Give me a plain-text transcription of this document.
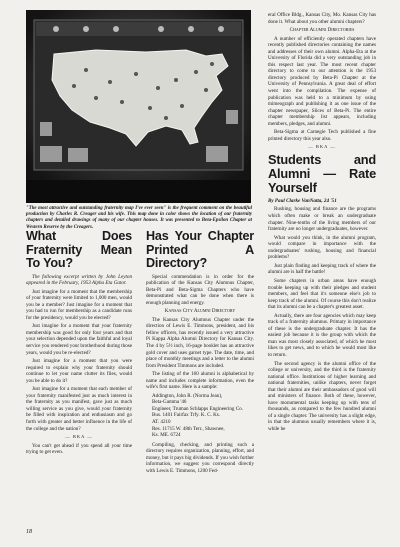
"The most attractive and outstanding fraternity map I've ever seen" is the frequent comment on the beautiful production by Charles R. Creager and his wife. This map done in color shows the location of our fraternity chapters and detailed drawings of many of our chapter houses. It was presented to Beta-Epsilon Chapter at Western Reserve by the Creagers.

What Does Fraternity Mean To You?

The following excerpt written by John Leyton appeared in the February, 1953 Alpha Eta Gator.

Just imagine for a moment that the membership of your fraternity were limited to 1,000 men, would you be a member? Just imagine for a moment that you had to run for membership as a candidate runs for the presidency, would you be elected?

Just imagine for a moment that your fraternity membership was good for only four years and that your selection depended upon the faithful and loyal service you rendered your brotherhood during those years, would you be re-elected?

Just imagine for a moment that you were required to explain why your fraternity should continue to let your name clutter its files, would you be able to do it?

Just imagine for a moment that each member of your fraternity manifested just as much interest in the fraternity as you manifest, gave just as much willing service as you give, would your fraternity be filled with inspiration and enthusiasm and go forth with greater and better influence in the life of the college and the nation?

— BKA —

You can't get ahead if you spend all your time trying to get even.

Has Your Chapter Printed A Directory?

Special commendation is in order for the publication of the Kansas City Alumnus Chapter, Beta-Pi and Beta-Sigma Chapters who have demonstrated what can be done when there is enough planning and energy.

Kansas City Alumni Directory

The Kansas City Alumnus Chapter under the direction of Lewis E. Timmons, president, and his fellow officers, has recently issued a very attractive Pi Kappa Alpha Alumni Directory for Kansas City. The 4 by 5½ inch, 16-page booklet has an attractive gold cover and uses garnet type. The date, time, and place of monthly meetings and a letter to the alumni from President Timmons are included.

The listing of the 160 alumni is alphabetical by name and includes complete information, even the wife's first name. Here is a sample:

Addington, John R. (Norma Jean),
Beta-Gamma '46
Engineer, Truman Schlapps Engineering Co.
Bus. 1401 Fairfax Trfy. K. C. Ks.
AT. 4210
Res. 11715 W. 48th Terr., Shawnee,
Ks. ME. 6724

Compiling, checking, and printing such a directory requires organization, planning, effort, and money, but it pays big dividends. If you wish further information, we suggest you correspond directly with Lewis E. Timmons, 1200 Fed-

eral Office Bldg., Kansas City, Mo. Kansas City has done it. What about you other alumni chapters?

Chapter Alumni Directories

A number of efficiently operated chapters have recently published directories containing the names and addresses of their own alumni. Alpha-Eta at the University of Florida did a very outstanding job in this respect last year. The most recent chapter directory to come to our attention is the 1953 directory produced by Beta-Pi Chapter at the University of Pennsylvania. A great deal of effort went into the compilation. The expense of publication was held to a minimum by using mimeograph and publishing it as one issue of the chapter newspaper, Slices of Beta-Pi. The entire chapter membership list appears, including members, pledges, and alumni.

Beta-Sigma at Carnegie Tech published a fine printed directory this year also.

— BKA —

Students and Alumni — Rate Yourself

By Paul Clarke VanNatta, 24 '51

Rushing, housing and finance are the programs which often make or break an undergraduate chapter. Nine-tenths of the living members of our fraternity are no longer undergraduates, however.

What would you think, in the alumni program, would compare in importance with the undergraduates' rushing, housing and financial problems?

Just plain finding and keeping track of where the alumni are is half the battle!

Some chapters in urban areas have enough trouble keeping up with their pledges and student members, and feel that it's someone else's job to keep track of the alumni. Of course this don't realize that its alumni can be a chapter's greatest asset.

Actually, there are four agencies which may keep track of a fraternity alumnus. Primary in importance of these is the undergraduate chapter. It has the easiest job because it is the group with which the man was most closely associated, of which he most likes to get news, and to which he would most like to return.

The second agency is the alumni office of the college or university, and the third is the fraternity national office. Institutions of higher learning and national fraternities, unlike chapters, never forget that their alumni are their ambassadors of good will and ministers of finance. Both of these, however, have monumental tasks keeping up with tens of thousands, as compared to the few hundred alumni of a single chapter. The university has a slight edge, in that the alumnus usually remembers where it is, while he

18
